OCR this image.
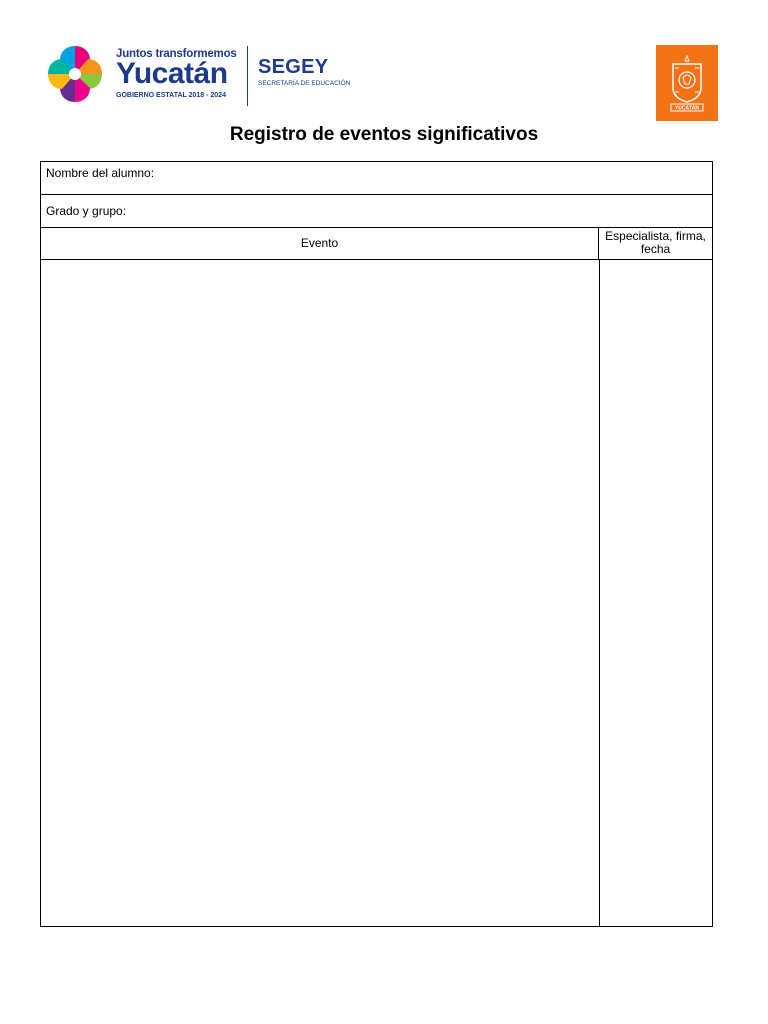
Juntos transformemos
Yucatán
GOBIERNO ESTATAL 2018 - 2024
SEGEY
SECRETARÍA DE EDUCACIÓN
YUCATÁN
Registro de eventos significativos
Nombre del alumno:
Grado y grupo:
Evento	Especialista, firma, fecha
